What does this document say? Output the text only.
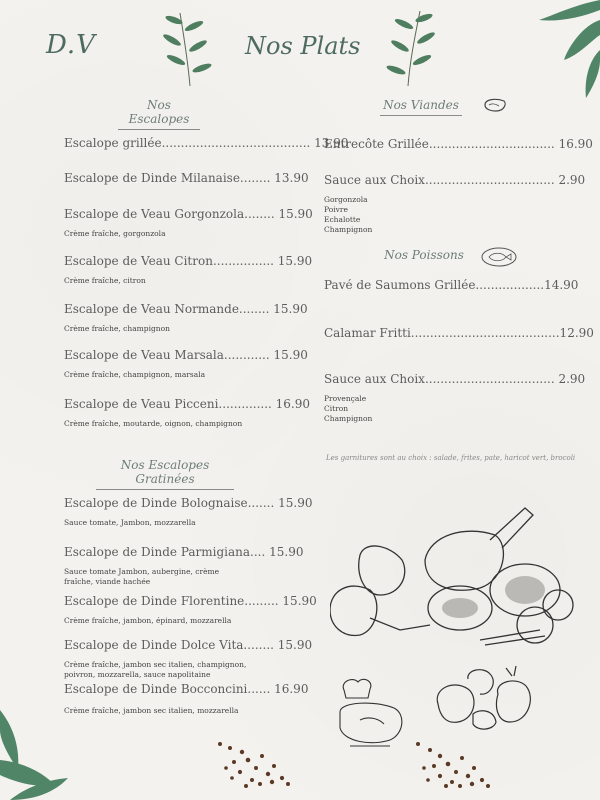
D.V	Nos Plats
Nos Escalopes
Escalope grillée....................................... 13.90
Escalope de Dinde Milanaise........ 13.90
Escalope de Veau Gorgonzola........ 15.90
Crème fraîche, gorgonzola
Escalope de Veau Citron................ 15.90
Crème fraîche, citron
Escalope de Veau Normande........ 15.90
Crème fraîche, champignon
Escalope de Veau Marsala............ 15.90
Crème fraîche, champignon, marsala
Escalope de Veau Picceni.............. 16.90
Crème fraîche, moutarde, oignon, champignon
Nos Escalopes Gratinées
Escalope de Dinde Bolognaise....... 15.90
Sauce tomate, Jambon, mozzarella
Escalope de Dinde Parmigiana.... 15.90
Sauce tomate Jambon, aubergine, crème fraîche, viande hachée
Escalope de Dinde Florentine......... 15.90
Crème fraîche, jambon, épinard, mozzarella
Escalope de Dinde Dolce Vita........ 15.90
Crème fraîche, jambon sec italien, champignon, poivron, mozzarella, sauce napolitaine
Escalope de Dinde Bocconcini...... 16.90
Crème fraîche, jambon sec italien, mozzarella
Nos Viandes
Entrecôte Grillée................................. 16.90
Sauce aux Choix.................................. 2.90
Gorgonzola
Poivre
Echalotte
Champignon
Nos Poissons
Pavé de Saumons Grillée..................14.90
Calamar Fritti.......................................12.90
Sauce aux Choix.................................. 2.90
Provençale
Citron
Champignon
Les garnitures sont au choix : salade, frites, pate, haricot vert, brocoli
